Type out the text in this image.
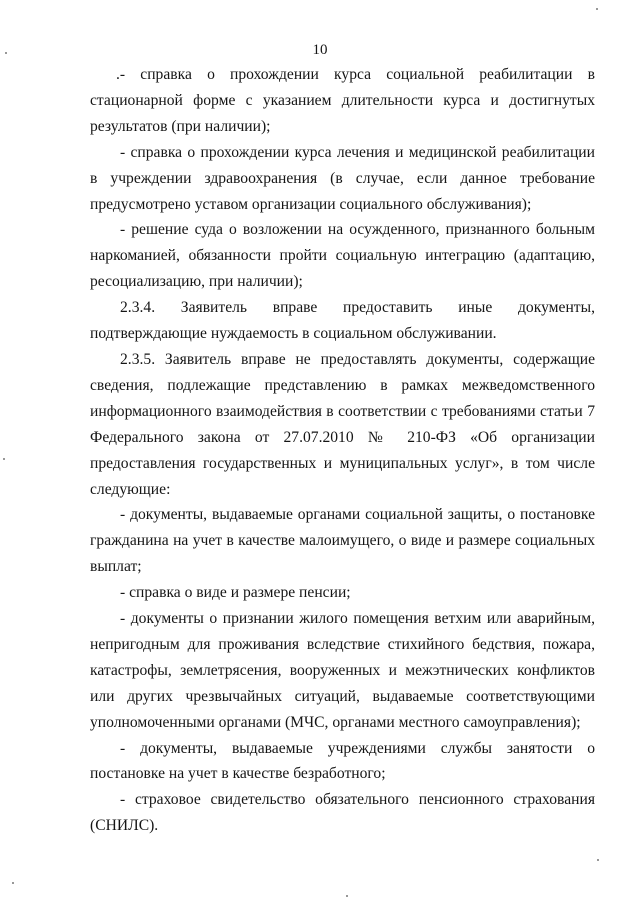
10

.- справка о прохождении курса социальной реабилитации в стационарной форме с указанием длительности курса и достигнутых результатов (при наличии);

- справка о прохождении курса лечения и медицинской реабилитации в учреждении здравоохранения (в случае, если данное требование предусмотрено уставом организации социального обслуживания);

- решение суда о возложении на осужденного, признанного больным наркоманией, обязанности пройти социальную интеграцию (адаптацию, ресоциализацию, при наличии);

2.3.4. Заявитель вправе предоставить иные документы, подтверждающие нуждаемость в социальном обслуживании.

2.3.5. Заявитель вправе не предоставлять документы, содержащие сведения, подлежащие представлению в рамках межведомственного информационного взаимодействия в соответствии с требованиями статьи 7 Федерального закона от 27.07.2010 № 210-ФЗ «Об организации предоставления государственных и муниципальных услуг», в том числе следующие:

- документы, выдаваемые органами социальной защиты, о постановке гражданина на учет в качестве малоимущего, о виде и размере социальных выплат;

- справка о виде и размере пенсии;

- документы о признании жилого помещения ветхим или аварийным, непригодным для проживания вследствие стихийного бедствия, пожара, катастрофы, землетрясения, вооруженных и межэтнических конфликтов или других чрезвычайных ситуаций, выдаваемые соответствующими уполномоченными органами (МЧС, органами местного самоуправления);

- документы, выдаваемые учреждениями службы занятости о постановке на учет в качестве безработного;

- страховое свидетельство обязательного пенсионного страхования (СНИЛС).
